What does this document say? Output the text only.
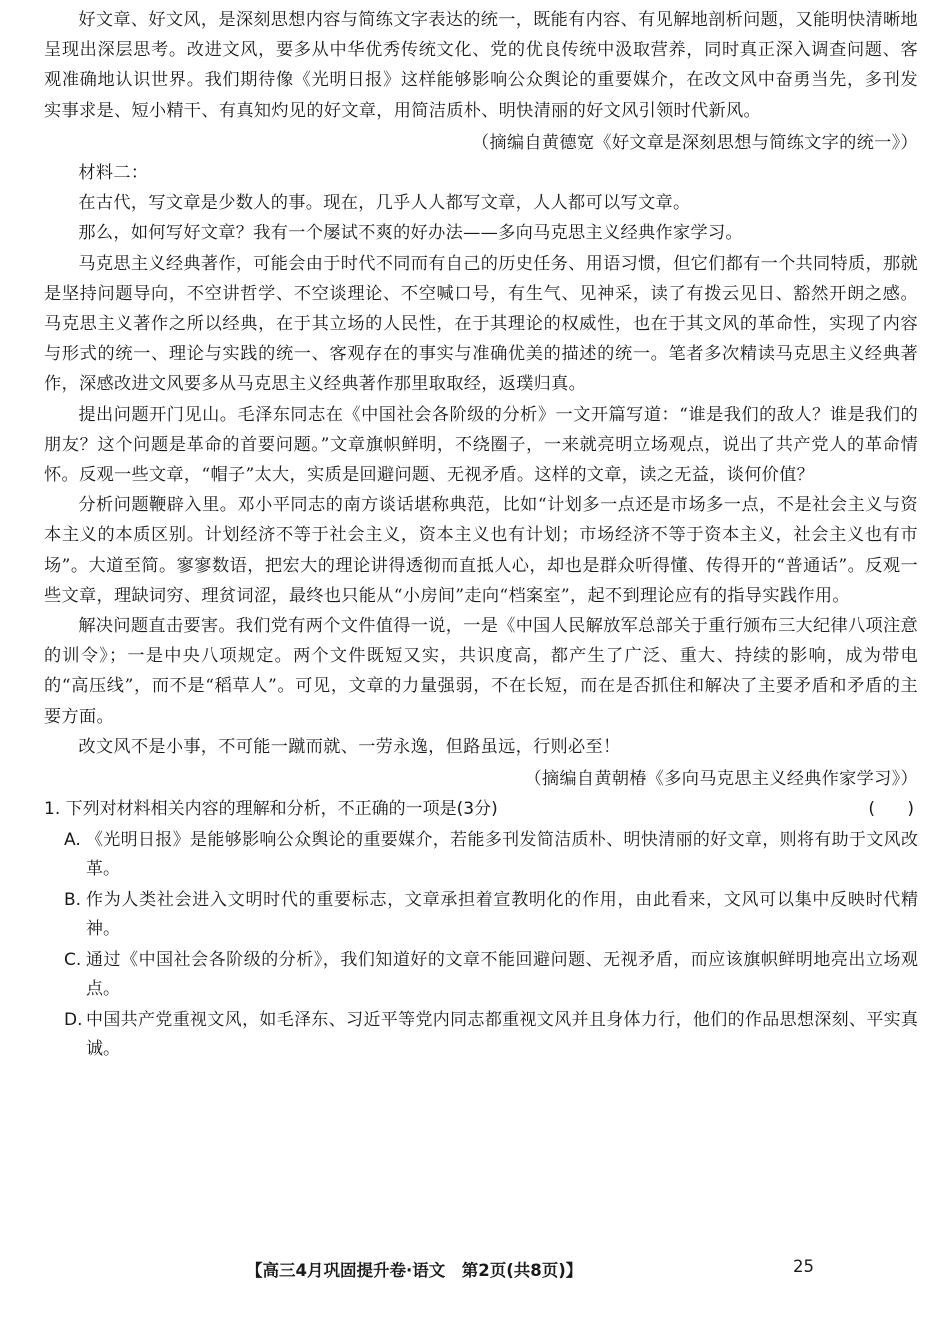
好文章、好文风，是深刻思想内容与简练文字表达的统一，既能有内容、有见解地剖析问题，又能明快清晰地呈现出深层思考。改进文风，要多从中华优秀传统文化、党的优良传统中汲取营养，同时真正深入调查问题、客观准确地认识世界。我们期待像《光明日报》这样能够影响公众舆论的重要媒介，在改文风中奋勇当先，多刊发实事求是、短小精干、有真知灼见的好文章，用简洁质朴、明快清丽的好文风引领时代新风。

（摘编自黄德宽《好文章是深刻思想与简练文字的统一》）

材料二：

在古代，写文章是少数人的事。现在，几乎人人都写文章，人人都可以写文章。

那么，如何写好文章？我有一个屡试不爽的好办法——多向马克思主义经典作家学习。

马克思主义经典著作，可能会由于时代不同而有自己的历史任务、用语习惯，但它们都有一个共同特质，那就是坚持问题导向，不空讲哲学、不空谈理论、不空喊口号，有生气、见神采，读了有拨云见日、豁然开朗之感。马克思主义著作之所以经典，在于其立场的人民性，在于其理论的权威性，也在于其文风的革命性，实现了内容与形式的统一、理论与实践的统一、客观存在的事实与准确优美的描述的统一。笔者多次精读马克思主义经典著作，深感改进文风要多从马克思主义经典著作那里取取经，返璞归真。

提出问题开门见山。毛泽东同志在《中国社会各阶级的分析》一文开篇写道：“谁是我们的敌人？谁是我们的朋友？这个问题是革命的首要问题。”文章旗帜鲜明，不绕圈子，一来就亮明立场观点，说出了共产党人的革命情怀。反观一些文章，“帽子”太大，实质是回避问题、无视矛盾。这样的文章，读之无益，谈何价值？

分析问题鞭辟入里。邓小平同志的南方谈话堪称典范，比如“计划多一点还是市场多一点，不是社会主义与资本主义的本质区别。计划经济不等于社会主义，资本主义也有计划；市场经济不等于资本主义，社会主义也有市场”。大道至简。寥寥数语，把宏大的理论讲得透彻而直抵人心，却也是群众听得懂、传得开的“普通话”。反观一些文章，理缺词穷、理贫词涩，最终也只能从“小房间”走向“档案室”，起不到理论应有的指导实践作用。

解决问题直击要害。我们党有两个文件值得一说，一是《中国人民解放军总部关于重行颁布三大纪律八项注意的训令》；一是中央八项规定。两个文件既短又实，共识度高，都产生了广泛、重大、持续的影响，成为带电的“高压线”，而不是“稻草人”。可见，文章的力量强弱，不在长短，而在是否抓住和解决了主要矛盾和矛盾的主要方面。

改文风不是小事，不可能一蹴而就、一劳永逸，但路虽远，行则必至！

（摘编自黄朝椿《多向马克思主义经典作家学习》）

1. 下列对材料相关内容的理解和分析，不正确的一项是(3分)	(      )
A. 《光明日报》是能够影响公众舆论的重要媒介，若能多刊发简洁质朴、明快清丽的好文章，则将有助于文风改革。
B. 作为人类社会进入文明时代的重要标志，文章承担着宣教明化的作用，由此看来，文风可以集中反映时代精神。
C. 通过《中国社会各阶级的分析》，我们知道好的文章不能回避问题、无视矛盾，而应该旗帜鲜明地亮出立场观点。
D. 中国共产党重视文风，如毛泽东、习近平等党内同志都重视文风并且身体力行，他们的作品思想深刻、平实真诚。
【高三4月巩固提升卷·语文　第2页(共8页)】	25
